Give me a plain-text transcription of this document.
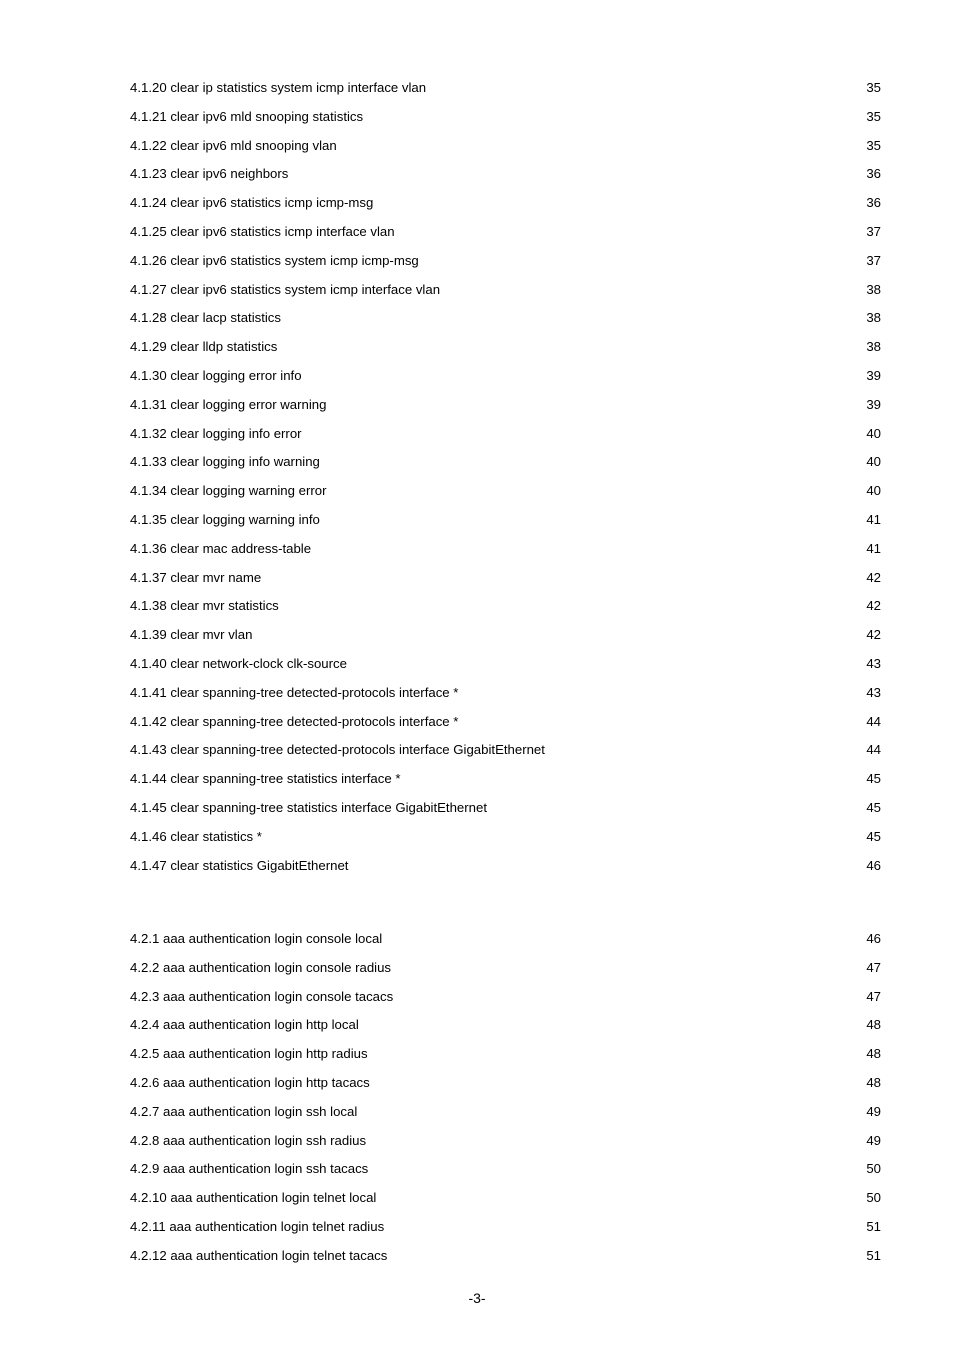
4.1.20 clear ip statistics system icmp interface vlan	35
4.1.21 clear ipv6 mld snooping statistics	35
4.1.22 clear ipv6 mld snooping vlan	35
4.1.23 clear ipv6 neighbors	36
4.1.24 clear ipv6 statistics icmp icmp-msg	36
4.1.25 clear ipv6 statistics icmp interface vlan	37
4.1.26 clear ipv6 statistics system icmp icmp-msg	37
4.1.27 clear ipv6 statistics system icmp interface vlan	38
4.1.28 clear lacp statistics	38
4.1.29 clear lldp statistics	38
4.1.30 clear logging error info	39
4.1.31 clear logging error warning	39
4.1.32 clear logging info error	40
4.1.33 clear logging info warning	40
4.1.34 clear logging warning error	40
4.1.35 clear logging warning info	41
4.1.36 clear mac address-table	41
4.1.37 clear mvr name	42
4.1.38 clear mvr statistics	42
4.1.39 clear mvr vlan	42
4.1.40 clear network-clock clk-source	43
4.1.41 clear spanning-tree detected-protocols interface *	43
4.1.42 clear spanning-tree detected-protocols interface *	44
4.1.43 clear spanning-tree detected-protocols interface GigabitEthernet	44
4.1.44 clear spanning-tree statistics interface *	45
4.1.45 clear spanning-tree statistics interface GigabitEthernet	45
4.1.46 clear statistics *	45
4.1.47 clear statistics GigabitEthernet	46
4.2.1 aaa authentication login console local	46
4.2.2 aaa authentication login console radius	47
4.2.3 aaa authentication login console tacacs	47
4.2.4 aaa authentication login http local	48
4.2.5 aaa authentication login http radius	48
4.2.6 aaa authentication login http tacacs	48
4.2.7 aaa authentication login ssh local	49
4.2.8 aaa authentication login ssh radius	49
4.2.9 aaa authentication login ssh tacacs	50
4.2.10 aaa authentication login telnet local	50
4.2.11 aaa authentication login telnet radius	51
4.2.12 aaa authentication login telnet tacacs	51
-3-
